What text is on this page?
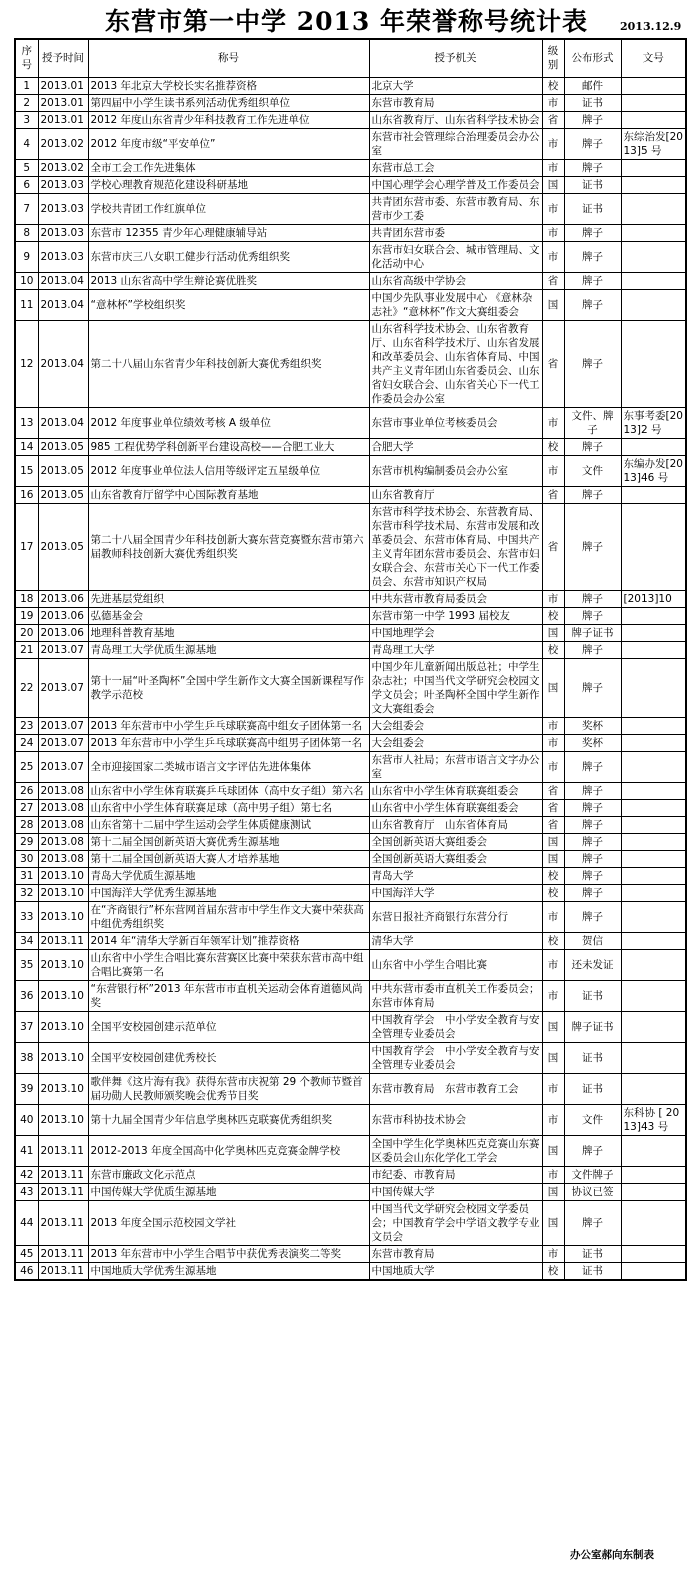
东营市第一中学 2013 年荣誉称号统计表	2013.12.9
序号	授予时间	称号	授予机关	级别	公布形式	文号
1	2013.01	2013 年北京大学校长实名推荐资格	北京大学	校	邮件	
2	2013.01	第四届中小学生读书系列活动优秀组织单位	东营市教育局	市	证书	
3	2013.01	2012 年度山东省青少年科技教育工作先进单位	山东省教育厅、山东省科学技术协会	省	牌子	
4	2013.02	2012 年度市级“平安单位”	东营市社会管理综合治理委员会办公室	市	牌子	东综治发[2013]5 号
5	2013.02	全市工会工作先进集体	东营市总工会	市	牌子	
6	2013.03	学校心理教育规范化建设科研基地	中国心理学会心理学普及工作委员会	国	证书	
7	2013.03	学校共青团工作红旗单位	共青团东营市委、东营市教育局、东营市少工委	市	证书	
8	2013.03	东营市 12355 青少年心理健康辅导站	共青团东营市委	市	牌子	
9	2013.03	东营市庆三八女职工健步行活动优秀组织奖	东营市妇女联合会、城市管理局、文化活动中心	市	牌子	
10	2013.04	2013 山东省高中学生辩论赛优胜奖	山东省高级中学协会	省	牌子	
11	2013.04	“意林杯”学校组织奖	中国少先队事业发展中心 《意林杂志社》“意林杯”作文大赛组委会	国	牌子	
12	2013.04	第二十八届山东省青少年科技创新大赛优秀组织奖	山东省科学技术协会、山东省教育厅、山东省科学技术厅、山东省发展和改革委员会、山东省体育局、中国共产主义青年团山东省委员会、山东省妇女联合会、山东省关心下一代工作委员会办公室	省	牌子	
13	2013.04	2012 年度事业单位绩效考核 A 级单位	东营市事业单位考核委员会	市	文件、牌子	东事考委[2013]2 号
14	2013.05	985 工程优势学科创新平台建设高校——合肥工业大	合肥大学	校	牌子	
15	2013.05	2012 年度事业单位法人信用等级评定五星级单位	东营市机构编制委员会办公室	市	文件	东编办发[2013]46 号
16	2013.05	山东省教育厅留学中心国际教育基地	山东省教育厅	省	牌子	
17	2013.05	第二十八届全国青少年科技创新大赛东营竞赛暨东营市第六届教师科技创新大赛优秀组织奖	东营市科学技术协会、东营教育局、东营市科学技术局、东营市发展和改革委员会、东营市体育局、中国共产主义青年团东营市委员会、东营市妇女联合会、东营市关心下一代工作委员会、东营市知识产权局	省	牌子	
18	2013.06	先进基层党组织	中共东营市教育局委员会	市	牌子	[2013]10
19	2013.06	弘德基金会	东营市第一中学 1993 届校友	校	牌子	
20	2013.06	地理科普教育基地	中国地理学会	国	牌子证书	
21	2013.07	青岛理工大学优质生源基地	青岛理工大学	校	牌子	
22	2013.07	第十一届“叶圣陶杯”全国中学生新作文大赛全国新课程写作教学示范校	中国少年儿童新闻出版总社；中学生杂志社；中国当代文学研究会校园文学文员会；叶圣陶杯全国中学生新作文大赛组委会	国	牌子	
23	2013.07	2013 年东营市中小学生乒乓球联赛高中组女子团体第一名	大会组委会	市	奖杯	
24	2013.07	2013 年东营市中小学生乒乓球联赛高中组男子团体第一名	大会组委会	市	奖杯	
25	2013.07	全市迎接国家二类城市语言文字评估先进体集体	东营市人社局；东营市语言文字办公室	市	牌子	
26	2013.08	山东省中小学生体育联赛乒乓球团体（高中女子组）第六名	山东省中小学生体育联赛组委会	省	牌子	
27	2013.08	山东省中小学生体育联赛足球（高中男子组）第七名	山东省中小学生体育联赛组委会	省	牌子	
28	2013.08	山东省第十二届中学生运动会学生体质健康测试	山东省教育厅　山东省体育局	省	牌子	
29	2013.08	第十二届全国创新英语大赛优秀生源基地	全国创新英语大赛组委会	国	牌子	
30	2013.08	第十二届全国创新英语大赛人才培养基地	全国创新英语大赛组委会	国	牌子	
31	2013.10	青岛大学优质生源基地	青岛大学	校	牌子	
32	2013.10	中国海洋大学优秀生源基地	中国海洋大学	校	牌子	
33	2013.10	在“齐商银行”杯东营网首届东营市中学生作文大赛中荣获高中组优秀组织奖	东营日报社齐商银行东营分行	市	牌子	
34	2013.11	2014 年“清华大学新百年领军计划”推荐资格	清华大学	校	贺信	
35	2013.10	山东省中小学生合唱比赛东营赛区比赛中荣获东营市高中组合唱比赛第一名	山东省中小学生合唱比赛	市	还未发证	
36	2013.10	“东营银行杯”2013 年东营市市直机关运动会体育道德风尚奖	中共东营市委市直机关工作委员会；东营市体育局	市	证书	
37	2013.10	全国平安校园创建示范单位	中国教育学会　中小学安全教育与安全管理专业委员会	国	牌子证书	
38	2013.10	全国平安校园创建优秀校长	中国教育学会　中小学安全教育与安全管理专业委员会	国	证书	
39	2013.10	歌伴舞《这片海有我》获得东营市庆祝第 29 个教师节暨首届功勋人民教师颁奖晚会优秀节目奖	东营市教育局　东营市教育工会	市	证书	
40	2013.10	第十九届全国青少年信息学奥林匹克联赛优秀组织奖	东营市科协技术协会	市	文件	东科协 [ 2013]43 号
41	2013.11	2012-2013 年度全国高中化学奥林匹克竞赛金牌学校	全国中学生化学奥林匹克竞赛山东赛区委员会山东化学化工学会	国	牌子	
42	2013.11	东营市廉政文化示范点	市纪委、市教育局	市	文件牌子	
43	2013.11	中国传媒大学优质生源基地	中国传媒大学	国	协议已签	
44	2013.11	2013 年度全国示范校园文学社	中国当代文学研究会校园文学委员会；中国教育学会中学语文教学专业文员会	国	牌子	
45	2013.11	2013 年东营市中小学生合唱节中获优秀表演奖二等奖	东营市教育局	市	证书	
46	2013.11	中国地质大学优秀生源基地	中国地质大学	校	证书	
办公室郝向东制表
